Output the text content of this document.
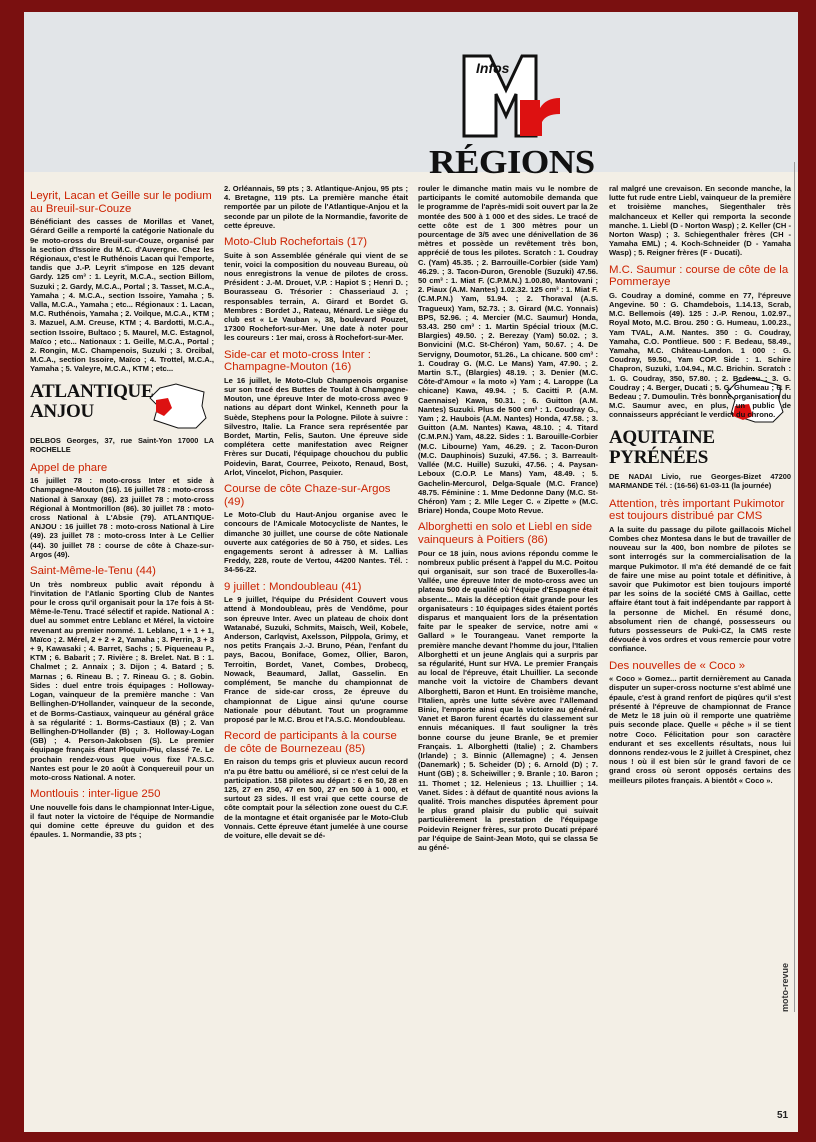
Infos
RÉGIONS
Leyrit, Lacan et Geille sur le podium au Breuil-sur-Couze
Bénéficiant des casses de Morillas et Vanet, Gérard Geille a remporté la catégorie Nationale du 9e moto-cross du Breuil-sur-Couze, organisé par la section d'Issoire du M.C. d'Auvergne. Chez les Régionaux, c'est le Ruthénois Lacan qui l'emporte, tandis que J.-P. Leyrit s'impose en 125 devant Gardy. 125 cm³ : 1. Leyrit, M.C.A., section Billom, Suzuki ; 2. Gardy, M.C.A., Portal ; 3. Tasset, M.C.A., Yamaha ; 4. M.C.A., section Issoire, Yamaha ; 5. Valla, M.C.A., Yamaha ; etc... Régionaux : 1. Lacan, M.C. Ruthénois, Yamaha ; 2. Voilque, M.C.A., KTM ; 3. Mazuel, A.M. Creuse, KTM ; 4. Bardotti, M.C.A., section Issoire, Bultaco ; 5. Maurel, M.C. Estagnol, Maïco ; etc... Nationaux : 1. Geille, M.C.A., Portal ; 2. Rongin, M.C. Champenois, Suzuki ; 3. Orcibal, M.C.A., section Issoire, Maïco ; 4. Trottel, M.C.A., Yamaha ; 5. Valeyre, M.C.A., KTM ; etc...
ATLANTIQUE ANJOU
DELBOS Georges, 37, rue Saint-Yon 17000 LA ROCHELLE
Appel de phare
16 juillet 78 : moto-cross Inter et side à Champagne-Mouton (16). 16 juillet 78 : moto-cross National à Sanxay (86). 23 juillet 78 : moto-cross Régional à Montmorillon (86). 30 juillet 78 : moto-cross National à L'Absie (79). ATLANTIQUE-ANJOU : 16 juillet 78 : moto-cross National à Lire (49). 23 juillet 78 : moto-cross Inter à Le Cellier (44). 30 juillet 78 : course de côte à Chaze-sur-Argos (49).
Saint-Même-le-Tenu (44)
Un très nombreux public avait répondu à l'invitation de l'Atlanic Sporting Club de Nantes pour le cross qu'il organisait pour la 17e fois à St-Même-le-Tenu. Tracé sélectif et rapide. National A : duel au sommet entre Leblanc et Mérel, la victoire revenant au premier nommé. 1. Leblanc, 1 + 1 + 1, Maïco ; 2. Mérel, 2 + 2 + 2, Yamaha ; 3. Perrin, 3 + 3 + 9, Kawasaki ; 4. Barret, Sachs ; 5. Piqueneau P., KTM ; 6. Babarit ; 7. Rivière ; 8. Brelet. Nat. B : 1. Chalmet ; 2. Annaix ; 3. Dijon ; 4. Batard ; 5. Marnas ; 6. Rineau B. ; 7. Rineau G. ; 8. Gobin. Sides : duel entre trois équipages : Holloway-Logan, vainqueur de la première manche : Van Bellinghen-D'Hollander, vainqueur de la seconde, et de Borms-Castiaux, vainqueur au général grâce à sa régularité : 1. Borms-Castiaux (B) ; 2. Van Bellinghen-D'Hollander (B) ; 3. Holloway-Logan (GB) ; 4. Person-Jakobsen (S). Le premier équipage français étant Ploquin-Piu, classé 7e. Le prochain rendez-vous que vous fixe l'A.S.C. Nantes est pour le 20 août à Conquereuil pour un moto-cross National. A noter.
Montlouis : inter-ligue 250
Une nouvelle fois dans le championnat Inter-Ligue, il faut noter la victoire de l'équipe de Normandie qui domine cette épreuve du guidon et des épaules. 1. Normandie, 33 pts ;
2. Orléannais, 59 pts ; 3. Atlantique-Anjou, 95 pts ; 4. Bretagne, 119 pts. La première manche était remportée par un pilote de l'Atlantique-Anjou et la seconde par un pilote de la Normandie, favorite de cette épreuve.
Moto-Club Rochefortais (17)
Suite à son Assemblée générale qui vient de se tenir, voici la composition du nouveau Bureau, où nous enregistrons la venue de pilotes de cross. Président : J.-M. Drouet, V.P. : Hapiot S ; Henri D. ; Bourasseau G. Trésorier : Chasseriaud J. ; responsables terrain, A. Girard et Bordet G. Membres : Bordet J., Rateau, Ménard. Le siège du club est « Le Vauban », 38, boulevard Pouzet, 17300 Rochefort-sur-Mer. Une date à noter pour les coureurs : 1er mai, cross à Rochefort-sur-Mer.
Side-car et moto-cross Inter : Champagne-Mouton (16)
Le 16 juillet, le Moto-Club Champenois organise sur son tracé des Buttes de Toulat à Champagne-Mouton, une épreuve Inter de moto-cross avec 9 nations au départ dont Winkel, Kenneth pour la Suède, Stephens pour la Pologne. Pilote à suivre : Silvestro, Italie. La France sera représentée par Bordet, Martin, Felis, Sauton. Une épreuve side complétera cette manifestation avec Reigner Frères sur Ducati, l'équipage chouchou du public Poidevin, Barat, Courree, Peixoto, Renaud, Bost, Arlot, Vincelot, Pichon, Pasquier.
Course de côte Chaze-sur-Argos (49)
Le Moto-Club du Haut-Anjou organise avec le concours de l'Amicale Motocycliste de Nantes, le dimanche 30 juillet, une course de côte Nationale ouverte aux catégories de 50 à 750, et sides. Les engagements seront à adresser à M. Lallias Freddy, 228, route de Vertou, 44200 Nantes. Tél. : 34-56-22.
9 juillet : Mondoubleau (41)
Le 9 juillet, l'équipe du Président Couvert vous attend à Mondoubleau, près de Vendôme, pour son épreuve Inter. Avec un plateau de choix dont Watanabé, Suzuki, Schmits, Maisch, Weil, Kobele, Anderson, Carlqvist, Axelsson, Pilppola, Grimy, et nos petits Français J.-J. Bruno, Péan, l'enfant du pays, Bacou, Boniface, Gomez, Ollier, Baron, Terroitin, Bordet, Vanet, Combes, Drobecq, Nowack, Beaumard, Jallat, Gasselin. En complément, 5e manche du championnat de France de side-car cross, 2e épreuve du championnat de Ligue ainsi qu'une course Nationale pour débutant. Tout un programme proposé par le M.C. Brou et l'A.S.C. Mondoubleau.
Record de participants à la course de côte de Bournezeau (85)
En raison du temps gris et pluvieux aucun record n'a pu être battu ou amélioré, si ce n'est celui de la participation. 158 pilotes au départ : 6 en 50, 28 en 125, 27 en 250, 47 en 500, 27 en 500 à 1 000, et surtout 23 sides. Il est vrai que cette course de côte comptait pour la sélection zone ouest du C.F. de la montagne et était organisée par le Moto-Club Vonnais. Cette épreuve étant jumelée à une course de voiture, elle devait se dé-
rouler le dimanche matin mais vu le nombre de participants le comité automobile demanda que le programme de l'après-midi soit ouvert par la 2e montée des 500 à 1 000 et des sides. Le tracé de cette côte est de 1 300 mètres pour un pourcentage de 3/5 avec une dénivellation de 36 mètres et possède un revêtement très bon, apprécié de tous les pilotes. Scratch : 1. Coudray C. (Yam) 45.35. ; 2. Barrouille-Corbier (side Yam) 46.29. ; 3. Tacon-Duron, Grenoble (Suzuki) 47.56. 50 cm³ : 1. Miat F. (C.P.M.N.) 1.00.80, Mantovani ; 2. Piaux (A.M. Nantes) 1.02.32. 125 cm³ : 1. Miat F. (C.M.P.N.) Yam, 51.94. ; 2. Thoraval (A.S. Tragueux) Yam, 52.73. ; 3. Girard (M.C. Yonnais) BPS, 52.96. ; 4. Mercier (M.C. Saumur) Honda, 53.43. 250 cm³ : 1. Martin Spécial trioux (M.C. Blargies) 49.50. ; 2. Berezay (Yam) 50.02. ; 3. Bonvicini (M.C. St-Chéron) Yam, 50.67. ; 4. De Servigny, Doumotor, 51.26., La chicane. 500 cm³ : 1. Coudray G. (M.C. Le Mans) Yam, 47.90. ; 2. Martin S.T., (Blargies) 48.19. ; 3. Denier (M.C. Côte-d'Amour « la moto ») Yam ; 4. Laroppe (La chicane) Kawa, 49.94. ; 5. Cacitti P. (A.M. Caennaise) Kawa, 50.31. ; 6. Guitton (A.M. Nantes) Suzuki. Plus de 500 cm³ : 1. Coudray G., Yam ; 2. Haubois (A.M. Nantes) Honda, 47.58. ; 3. Guitton (A.M. Nantes) Kawa, 48.10. ; 4. Titard (C.M.P.N.) Yam, 48.22. Sides : 1. Barouille-Corbier (M.C. Libourne) Yam, 46.29. ; 2. Tacon-Duron (M.C. Dauphinois) Suzuki, 47.56. ; 3. Barreault-Vallée (M.C. Huille) Suzuki, 47.56. ; 4. Paysan-Leboux (C.O.P. Le Mans) Yam, 48.49. ; 5. Gachelin-Mercurol, Delga-Squale (M.C. France) 48.75. Féminine : 1. Mme Dedonne Dany (M.C. St-Chéron) Yam ; 2. Mlle Leger C. « Zipette » (M.C. Briare) Honda, Coupe Moto Revue.
Alborghetti en solo et Liebl en side vainqueurs à Poitiers (86)
Pour ce 18 juin, nous avions répondu comme le nombreux public présent à l'appel du M.C. Poitou qui organisait, sur son tracé de Buxerolles-la-Vallée, une épreuve Inter de moto-cross avec un plateau 500 de qualité où l'équipe d'Espagne était absente... Mais la déception était grande pour les organisateurs : 10 équipages sides étaient portés disparus et manquaient lors de la présentation faite par le speaker de service, notre ami « Gallard » le Tourangeau. Vanet remporte la première manche devant l'homme du jour, l'Italien Alborghetti et un jeune Anglais qui a surpris par sa régularité, Hunt sur HVA. Le premier Français au local de l'épreuve, était Lhuillier. La seconde manche voit la victoire de Chambers devant Alborghetti, Baron et Hunt. En troisième manche, l'Italien, après une lutte sévère avec l'Allemand Binic, l'emporte ainsi que la victoire au général. Vanet et Baron furent écartés du classement sur ennuis mécaniques. Il faut souligner la très bonne course du jeune Branle, 9e et premier Français. 1. Alborghetti (Italie) ; 2. Chambers (Irlande) ; 3. Binnic (Allemagne) ; 4. Jensen (Danemark) ; 5. Scheider (D) ; 6. Arnold (D) ; 7. Hunt (GB) ; 8. Scheiwiller ; 9. Branle ; 10. Baron ; 11. Thomet ; 12. Helenieus ; 13. Lhuillier ; 14. Vanet. Sides : à défaut de quantité nous avions la qualité. Trois manches disputées âprement pour le plus grand plaisir du public qui suivait particulièrement la prestation de l'équipage Poidevin Reigner frères, sur proto Ducati préparé par l'équipe de Saint-Jean Moto, qui se classa 5e au géné-
ral malgré une crevaison. En seconde manche, la lutte fut rude entre Liebl, vainqueur de la première et troisième manches, Siegenthaler très malchanceux et Keller qui remporta la seconde manche. 1. Liebl (D - Norton Wasp) ; 2. Keller (CH - Norton Wasp) ; 3. Schiegenthaler frères (CH - Yamaha EML) ; 4. Koch-Schneider (D - Yamaha Wasp) ; 5. Reigner frères (F - Ducati).
M.C. Saumur : course de côte de la Pommeraye
G. Coudray a dominé, comme en 77, l'épreuve Angevine. 50 : G. Chamdebois, 1.14.13, Scrab, M.C. Bellemois (49). 125 : J.-P. Renou, 1.02.97., Royal Moto, M.C. Brou. 250 : G. Humeau, 1.00.23., Yam TVAL, A.M. Nantes. 350 : G. Coudray, Yamaha, C.O. Pontlieue. 500 : F. Bedeau, 58.49., Yamaha, M.C. Château-Landon. 1 000 : G. Coudray, 59.50., Yam COP. Side : 1. Schire Chapron, Suzuki, 1.04.94., M.C. Brichin. Scratch : 1. G. Coudray, 350, 57.80. ; 2. Bedeau ; 3. G. Coudray ; 4. Berger, Ducati ; 5. G. Ghumeau ; 6. F. Bedeau ; 7. Dumoulin. Très bonne organisation du M.C. Saumur avec, en plus, un public de connaisseurs appréciant le verdict du chrono.
AQUITAINE PYRÉNÉES
DE NADAI Livio, rue Georges-Bizet 47200 MARMANDE Tél. : (16-56) 61-03-11 (la journée)
Attention, très important Pukimotor est toujours distribué par CMS
A la suite du passage du pilote gaillacois Michel Combes chez Montesa dans le but de travailler de nouveau sur la 400, bon nombre de pilotes se sont interrogés sur la commercialisation de la marque Pukimotor. Il m'a été demandé de ce fait de faire une mise au point totale et définitive, à savoir que Pukimotor est bien toujours importé par les soins de la société CMS à Gaillac, cette affaire étant tout à fait indépendante par rapport à la personne de Michel. En résumé donc, absolument rien de changé, possesseurs ou futurs possesseurs de Puki-CZ, la CMS reste dévouée à vos ordres et vous remercie pour votre confiance.
Des nouvelles de « Coco »
« Coco » Gomez... partit dernièrement au Canada disputer un super-cross nocturne s'est abîmé une épaule, c'est à grand renfort de piqûres qu'il s'est présenté à l'épreuve de championnat de France de Metz le 18 juin où il remporte une quatrième puis seconde place. Quelle « pêche » il se tient notre Coco. Félicitation pour son caractère endurant et ses excellents résultats, nous lui donnons rendez-vous le 2 juillet à Crespinet, chez nous ! où il est bien sûr le grand favori de ce grand cross où seront opposés certains des meilleurs pilotes français. A bientôt « Coco ».
moto-revue
51
